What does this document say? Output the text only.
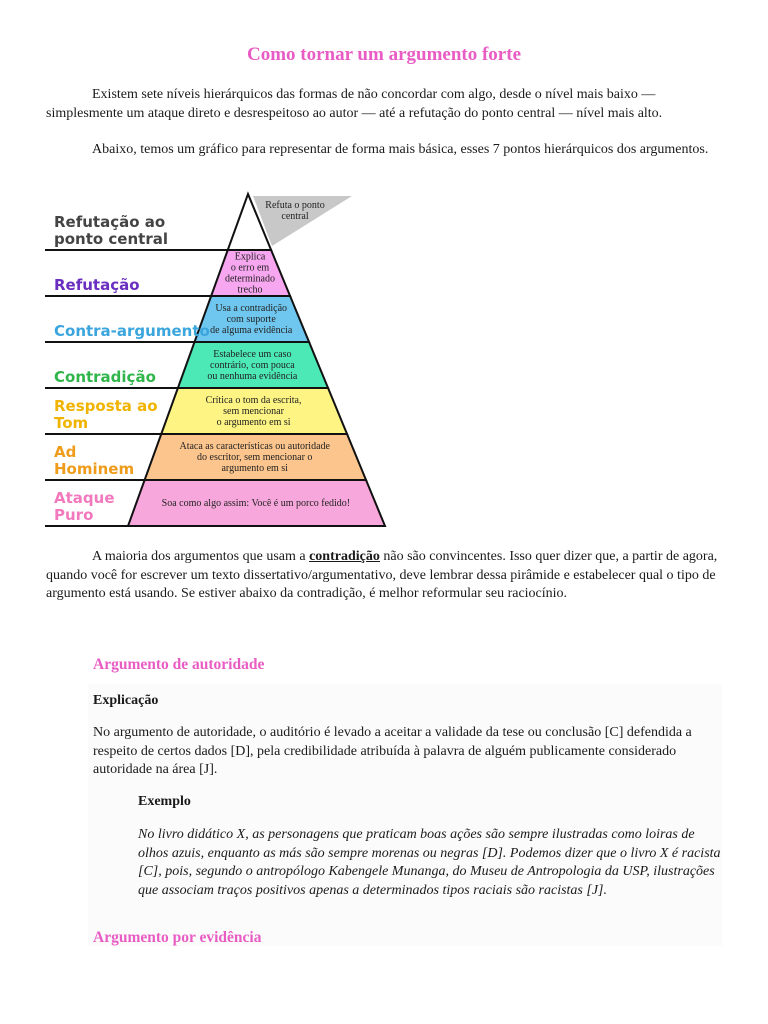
Como tornar um argumento forte

Existem sete níveis hierárquicos das formas de não concordar com algo, desde o nível mais baixo — simplesmente um ataque direto e desrespeitoso ao autor — até a refutação do ponto central — nível mais alto.

Abaixo, temos um gráfico para representar de forma mais básica, esses 7 pontos hierárquicos dos argumentos.

Refutação ao
ponto central
Refuta o ponto
central
Refutação
Explica
o erro em
determinado
trecho
Contra-argumento
Usa a contradição
com suporte
de alguma evidência
Contradição
Estabelece um caso
contrário, com pouca
ou nenhuma evidência
Resposta ao
Tom
Crítica o tom da escrita,
sem mencionar
o argumento em si
Ad
Hominem
Ataca as características ou autoridade
do escritor, sem mencionar o
argumento em si
Ataque
Puro
Soa como algo assim: Você é um porco fedido!

A maioria dos argumentos que usam a contradição não são convincentes. Isso quer dizer que, a partir de agora, quando você for escrever um texto dissertativo/argumentativo, deve lembrar dessa pirâmide e estabelecer qual o tipo de argumento está usando. Se estiver abaixo da contradição, é melhor reformular seu raciocínio.

Argumento de autoridade
Explicação

No argumento de autoridade, o auditório é levado a aceitar a validade da tese ou conclusão [C] defendida a respeito de certos dados [D], pela credibilidade atribuída à palavra de alguém publicamente considerado autoridade na área [J].

Exemplo

No livro didático X, as personagens que praticam boas ações são sempre ilustradas como loiras de olhos azuis, enquanto as más são sempre morenas ou negras [D]. Podemos dizer que o livro X é racista [C], pois, segundo o antropólogo Kabengele Munanga, do Museu de Antropologia da USP, ilustrações que associam traços positivos apenas a determinados tipos raciais são racistas [J].

Argumento por evidência
